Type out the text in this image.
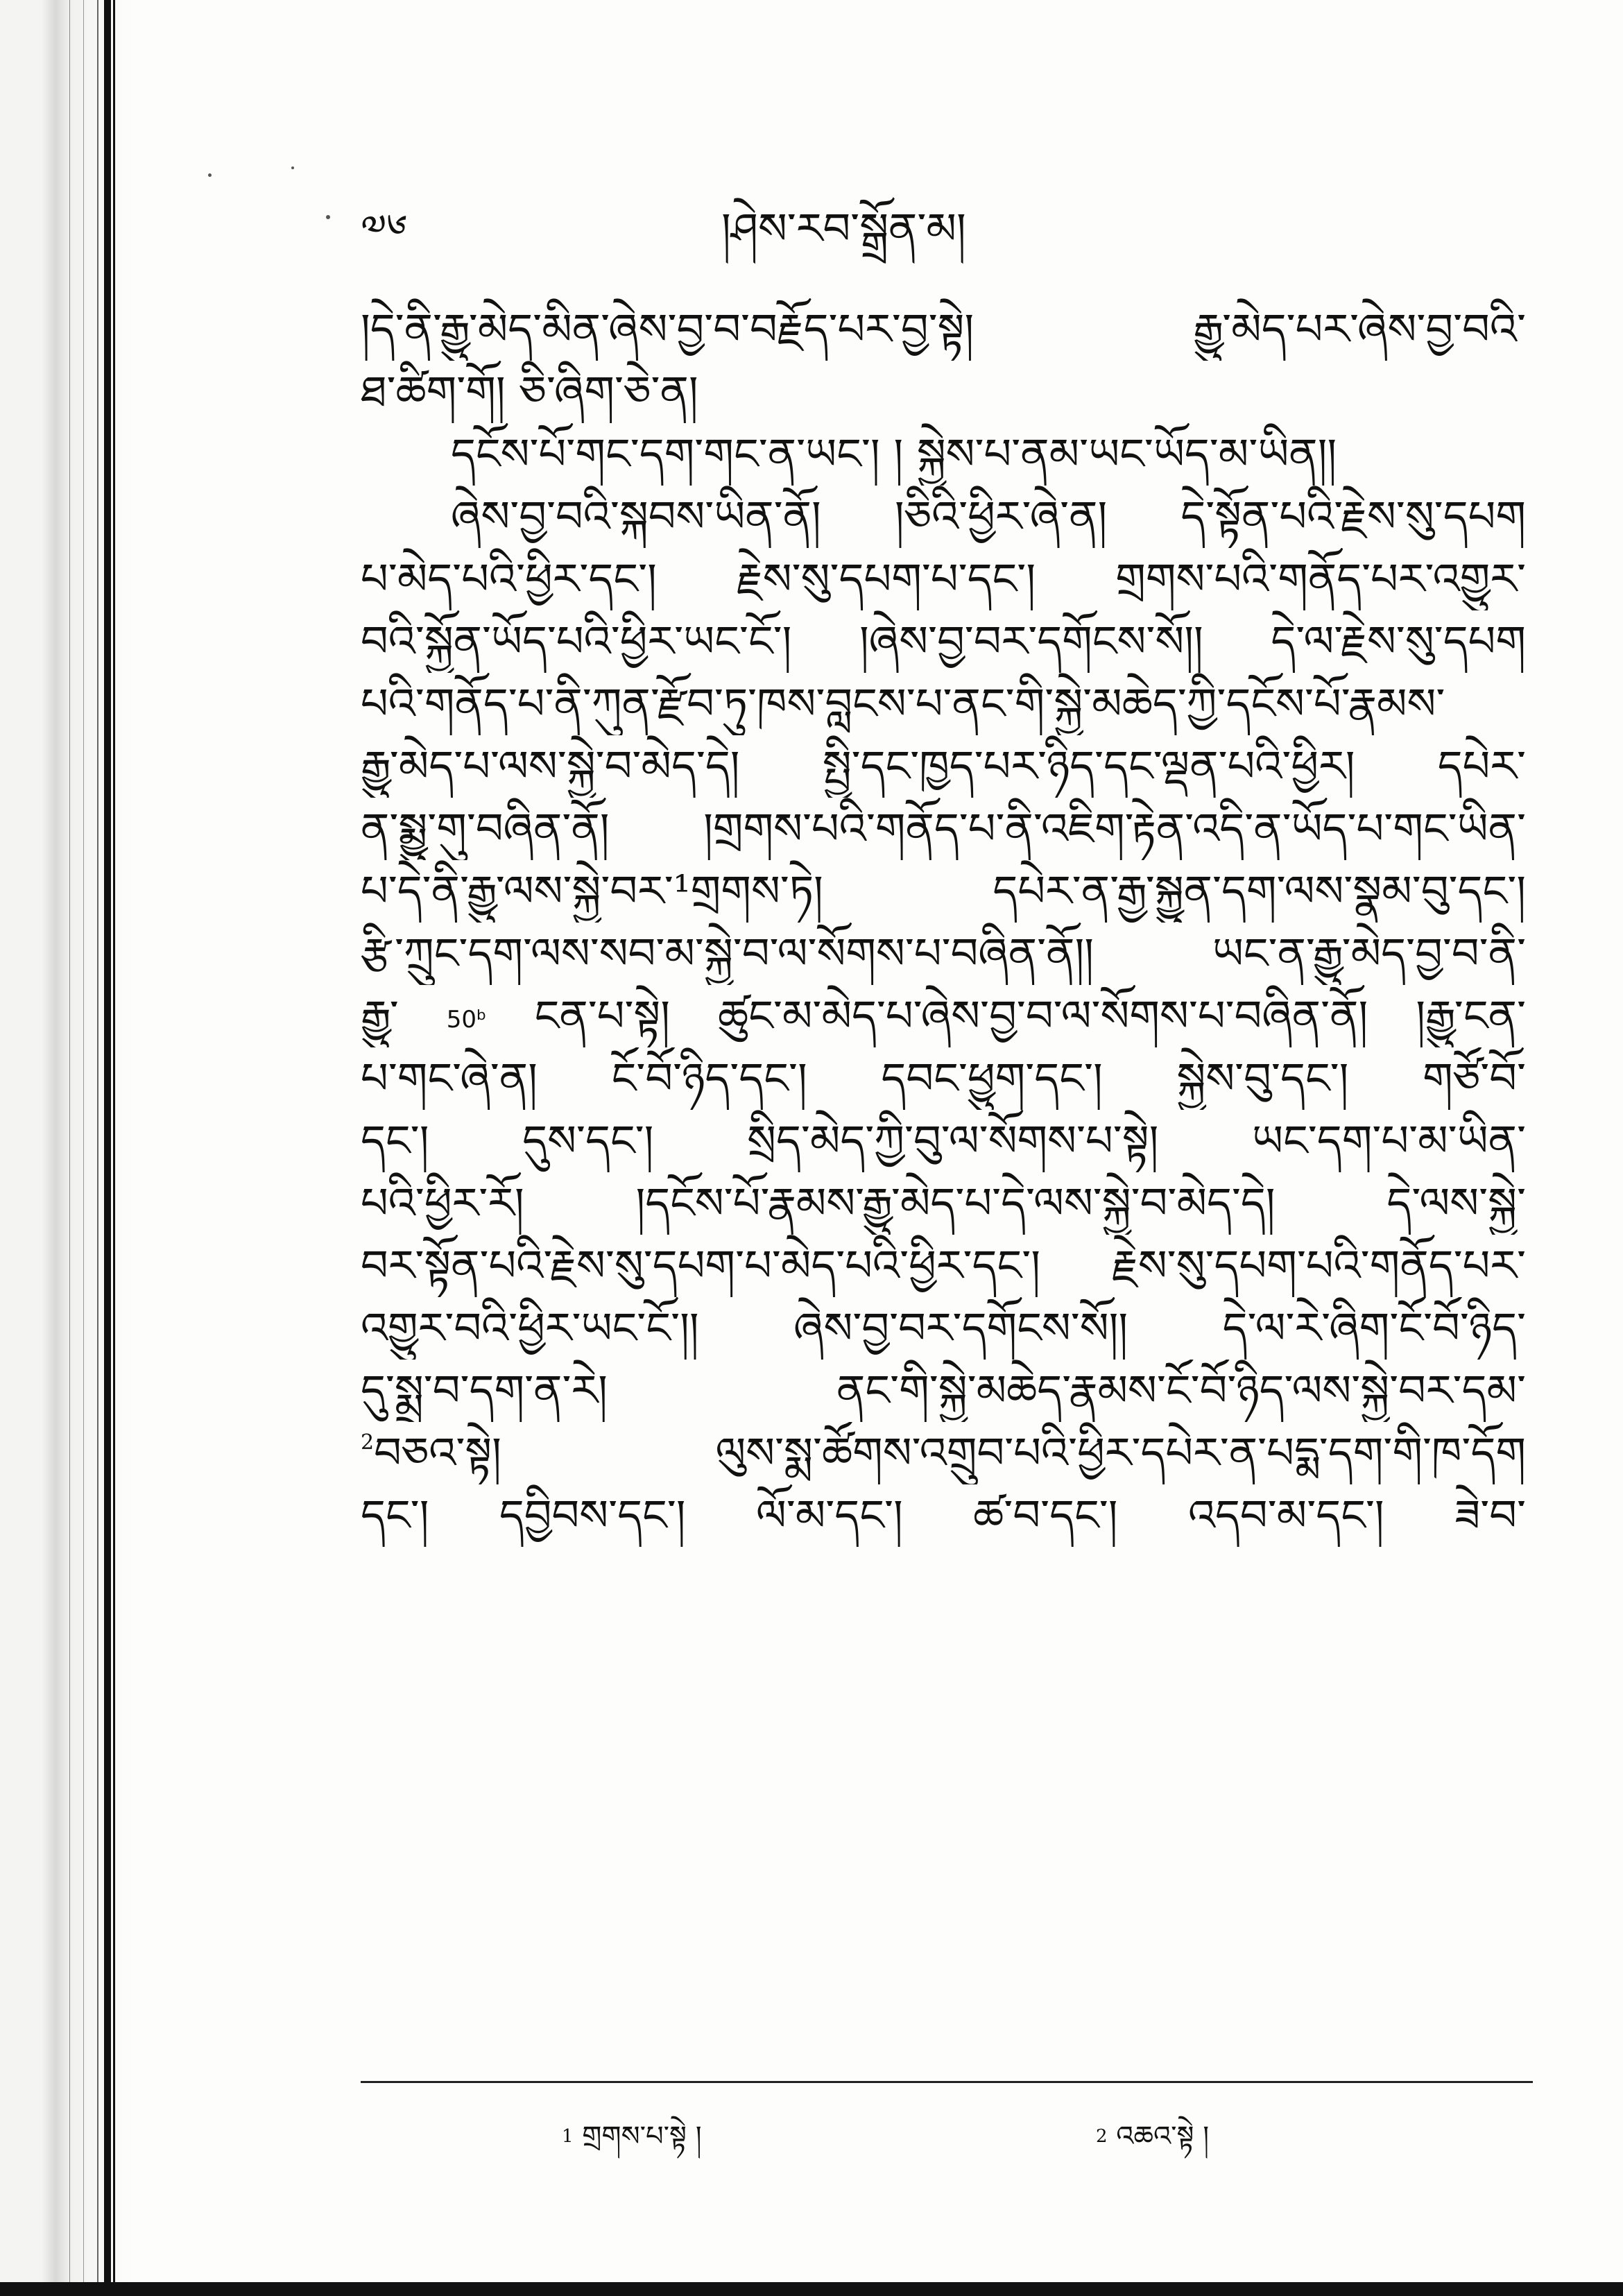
༧༦	།ཤེས་རབ་སྒྲོན་མ།
།དེ་ནི་རྒྱུ་མེད་མིན་ཞེས་བྱ་བ་བརྗོད་པར་བྱ་སྟེ། རྒྱུ་མེད་པར་ཞེས་བྱ་བའི་
ཐ་ཚིག་གོ། ཅི་ཞིག་ཅེ་ན།
དངོས་པོ་གང་དག་གང་ན་ཡང་། ། སྐྱེས་པ་ནམ་ཡང་ཡོད་མ་ཡིན།།
ཞེས་བྱ་བའི་སྐབས་ཡིན་ནོ། །ཅིའི་ཕྱིར་ཞེ་ན། དེ་སྟོན་པའི་རྗེས་སུ་དཔག
པ་མེད་པའི་ཕྱིར་དང་། རྗེས་སུ་དཔག་པ་དང་། གྲགས་པའི་གནོད་པར་འགྱུར་
བའི་སྐྱོན་ཡོད་པའི་ཕྱིར་ཡང་ངོ་། །ཞེས་བྱ་བར་དགོངས་སོ།། དེ་ལ་རྗེས་སུ་དཔག
པའི་གནོད་པ་ནི་ཀུན་རྫོབ་ཏུ་ཁས་བླངས་པ་ནང་གི་སྐྱེ་མཆེད་ཀྱི་དངོས་པོ་རྣམས་
རྒྱུ་མེད་པ་ལས་སྐྱེ་བ་མེད་དེ། སྤྱི་དང་ཁྱད་པར་ཉིད་དང་ལྡན་པའི་ཕྱིར། དཔེར་
ན་སྨྱུ་གུ་བཞིན་ནོ། །གྲགས་པའི་གནོད་པ་ནི་འཇིག་རྟེན་འདི་ན་ཡོད་པ་གང་ཡིན་
པ་དེ་ནི་རྒྱུ་ལས་སྐྱེ་བར་¹གྲགས་ཏེ། དཔེར་ན་རྒྱ་སྐྱུན་དག་ལས་སྣམ་བུ་དང་།
རྩི་ཀྲུང་དག་ལས་སབ་མ་སྐྱེ་བ་ལ་སོགས་པ་བཞིན་ནོ།། ཡང་ན་རྒྱུ་མེད་བྱ་བ་ནི་
རྒྱུ་ 50ᵇ ངན་པ་སྟེ། ཚུང་མ་མེད་པ་ཞེས་བྱ་བ་ལ་སོགས་པ་བཞིན་ནོ། །རྒྱུ་ངན་
པ་གང་ཞེ་ན། ངོ་བོ་ཉིད་དང་། དབང་ཕྱུག་དང་། སྐྱེས་བུ་དང་། གཙོ་བོ་
དང་། དུས་དང་། སྲིད་མེད་ཀྱི་བུ་ལ་སོགས་པ་སྟེ། ཡང་དག་པ་མ་ཡིན་
པའི་ཕྱིར་རོ། །དངོས་པོ་རྣམས་རྒྱུ་མེད་པ་དེ་ལས་སྐྱེ་བ་མེད་དེ། དེ་ལས་སྐྱེ་
བར་སྟོན་པའི་རྗེས་སུ་དཔག་པ་མེད་པའི་ཕྱིར་དང་། རྗེས་སུ་དཔག་པའི་གནོད་པར་
འགྱུར་བའི་ཕྱིར་ཡང་ངོ་།། ཞེས་བྱ་བར་དགོངས་སོ།། དེ་ལ་རེ་ཞིག་ངོ་བོ་ཉིད་
དུ་སྨྲ་བ་དག་ན་རེ། ནང་གི་སྐྱེ་མཆེད་རྣམས་ངོ་བོ་ཉིད་ལས་སྐྱེ་བར་དམ་
$^2$བཅའ་སྟེ། ལུས་སྨ་ཚོགས་འགྲུབ་པའི་ཕྱིར་དཔེར་ན་པདྨ་དག་གི་ཁ་དོག
དང་། དབྱིབས་དང་། ལོ་མ་དང་། ཚ་བ་དང་། འདབ་མ་དང་། ཟེ་བ་
$^1$ གྲགས་པ་སྟེ །	$^2$ འཆའ་སྟེ །
